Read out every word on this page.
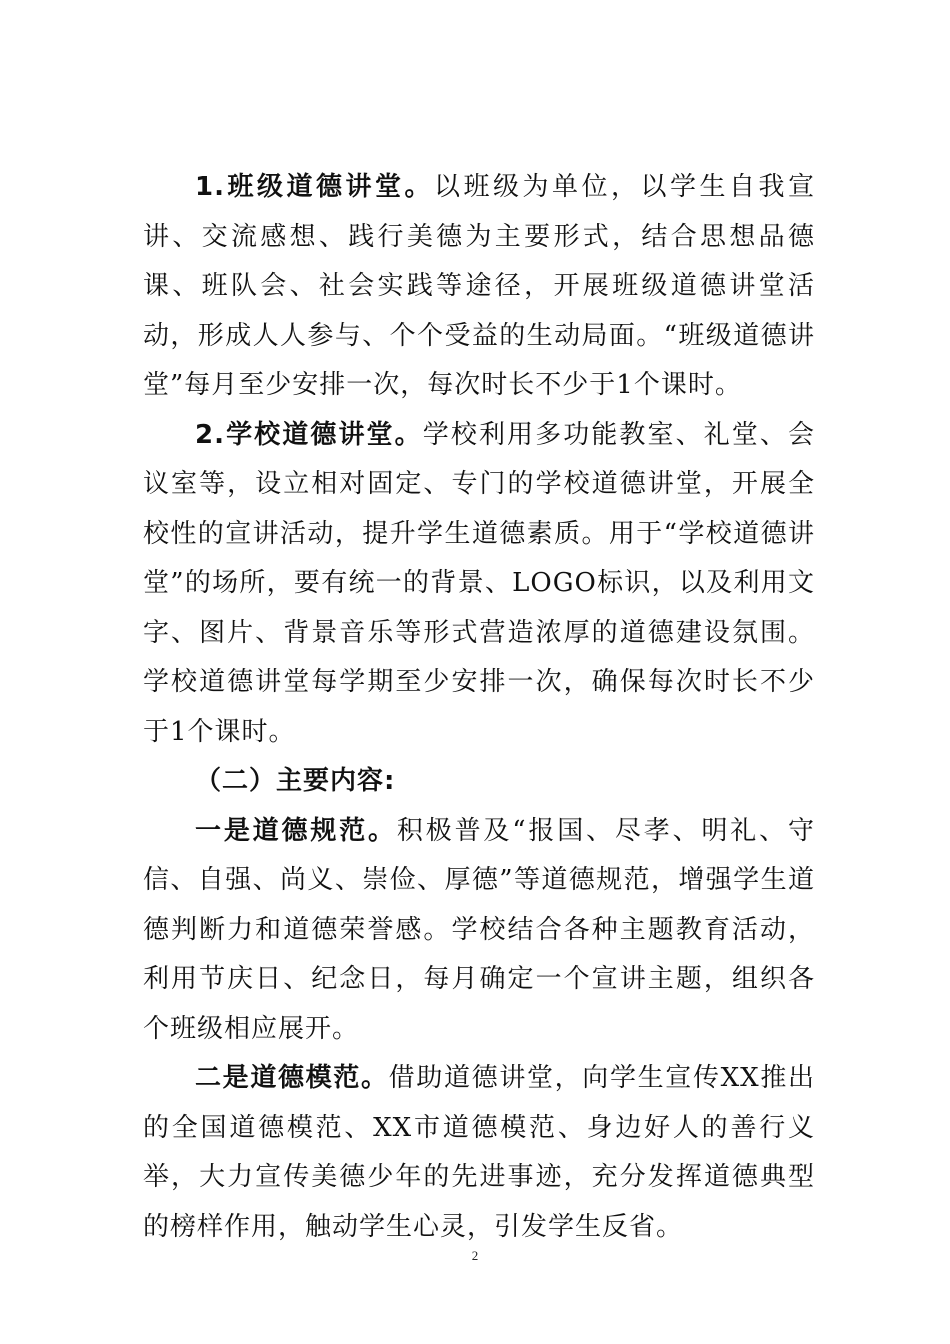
1.班级道德讲堂。以班级为单位，以学生自我宣讲、交流感想、践行美德为主要形式，结合思想品德课、班队会、社会实践等途径，开展班级道德讲堂活动，形成人人参与、个个受益的生动局面。“班级道德讲堂”每月至少安排一次，每次时长不少于1个课时。

2.学校道德讲堂。学校利用多功能教室、礼堂、会议室等，设立相对固定、专门的学校道德讲堂，开展全校性的宣讲活动，提升学生道德素质。用于“学校道德讲堂”的场所，要有统一的背景、LOGO标识，以及利用文字、图片、背景音乐等形式营造浓厚的道德建设氛围。学校道德讲堂每学期至少安排一次，确保每次时长不少于1个课时。

（二）主要内容:

一是道德规范。积极普及“报国、尽孝、明礼、守信、自强、尚义、崇俭、厚德”等道德规范，增强学生道德判断力和道德荣誉感。学校结合各种主题教育活动，利用节庆日、纪念日，每月确定一个宣讲主题，组织各个班级相应展开。

二是道德模范。借助道德讲堂，向学生宣传XX推出的全国道德模范、XX市道德模范、身边好人的善行义举，大力宣传美德少年的先进事迹，充分发挥道德典型的榜样作用，触动学生心灵，引发学生反省。

2
